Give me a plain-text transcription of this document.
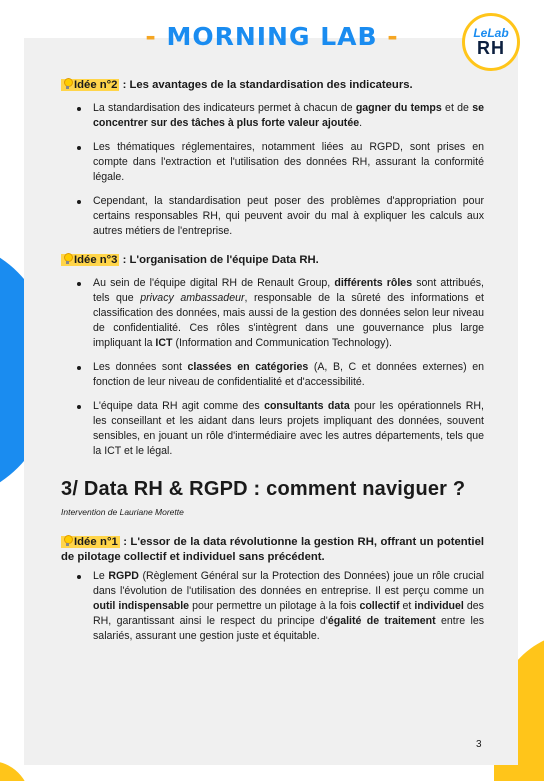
- MORNING LAB -	LeLab
RH
Idée n°2 : Les avantages de la standardisation des indicateurs.
La standardisation des indicateurs permet à chacun de gagner du temps et de se concentrer sur des tâches à plus forte valeur ajoutée.
Les thématiques réglementaires, notamment liées au RGPD, sont prises en compte dans l'extraction et l'utilisation des données RH, assurant la conformité légale.
Cependant, la standardisation peut poser des problèmes d'appropriation pour certains responsables RH, qui peuvent avoir du mal à expliquer les calculs aux autres métiers de l'entreprise.
Idée n°3 : L'organisation de l'équipe Data RH.
Au sein de l'équipe digital RH de Renault Group, différents rôles sont attribués, tels que privacy ambassadeur, responsable de la sûreté des informations et classification des données, mais aussi de la gestion des données selon leur niveau de confidentialité. Ces rôles s'intègrent dans une gouvernance plus large impliquant la ICT (Information and Communication Technology).
Les données sont classées en catégories (A, B, C et données externes) en fonction de leur niveau de confidentialité et d'accessibilité.
L'équipe data RH agit comme des consultants data pour les opérationnels RH, les conseillant et les aidant dans leurs projets impliquant des données, souvent sensibles, en jouant un rôle d'intermédiaire avec les autres départements, tels que la ICT et le légal.
3/ Data RH & RGPD : comment naviguer ?
Intervention de Lauriane Morette
Idée n°1 : L'essor de la data révolutionne la gestion RH, offrant un potentiel de pilotage collectif et individuel sans précédent.
Le RGPD (Règlement Général sur la Protection des Données) joue un rôle crucial dans l'évolution de l'utilisation des données en entreprise. Il est perçu comme un outil indispensable pour permettre un pilotage à la fois collectif et individuel des RH, garantissant ainsi le respect du principe d'égalité de traitement entre les salariés, assurant une gestion juste et équitable.
3
